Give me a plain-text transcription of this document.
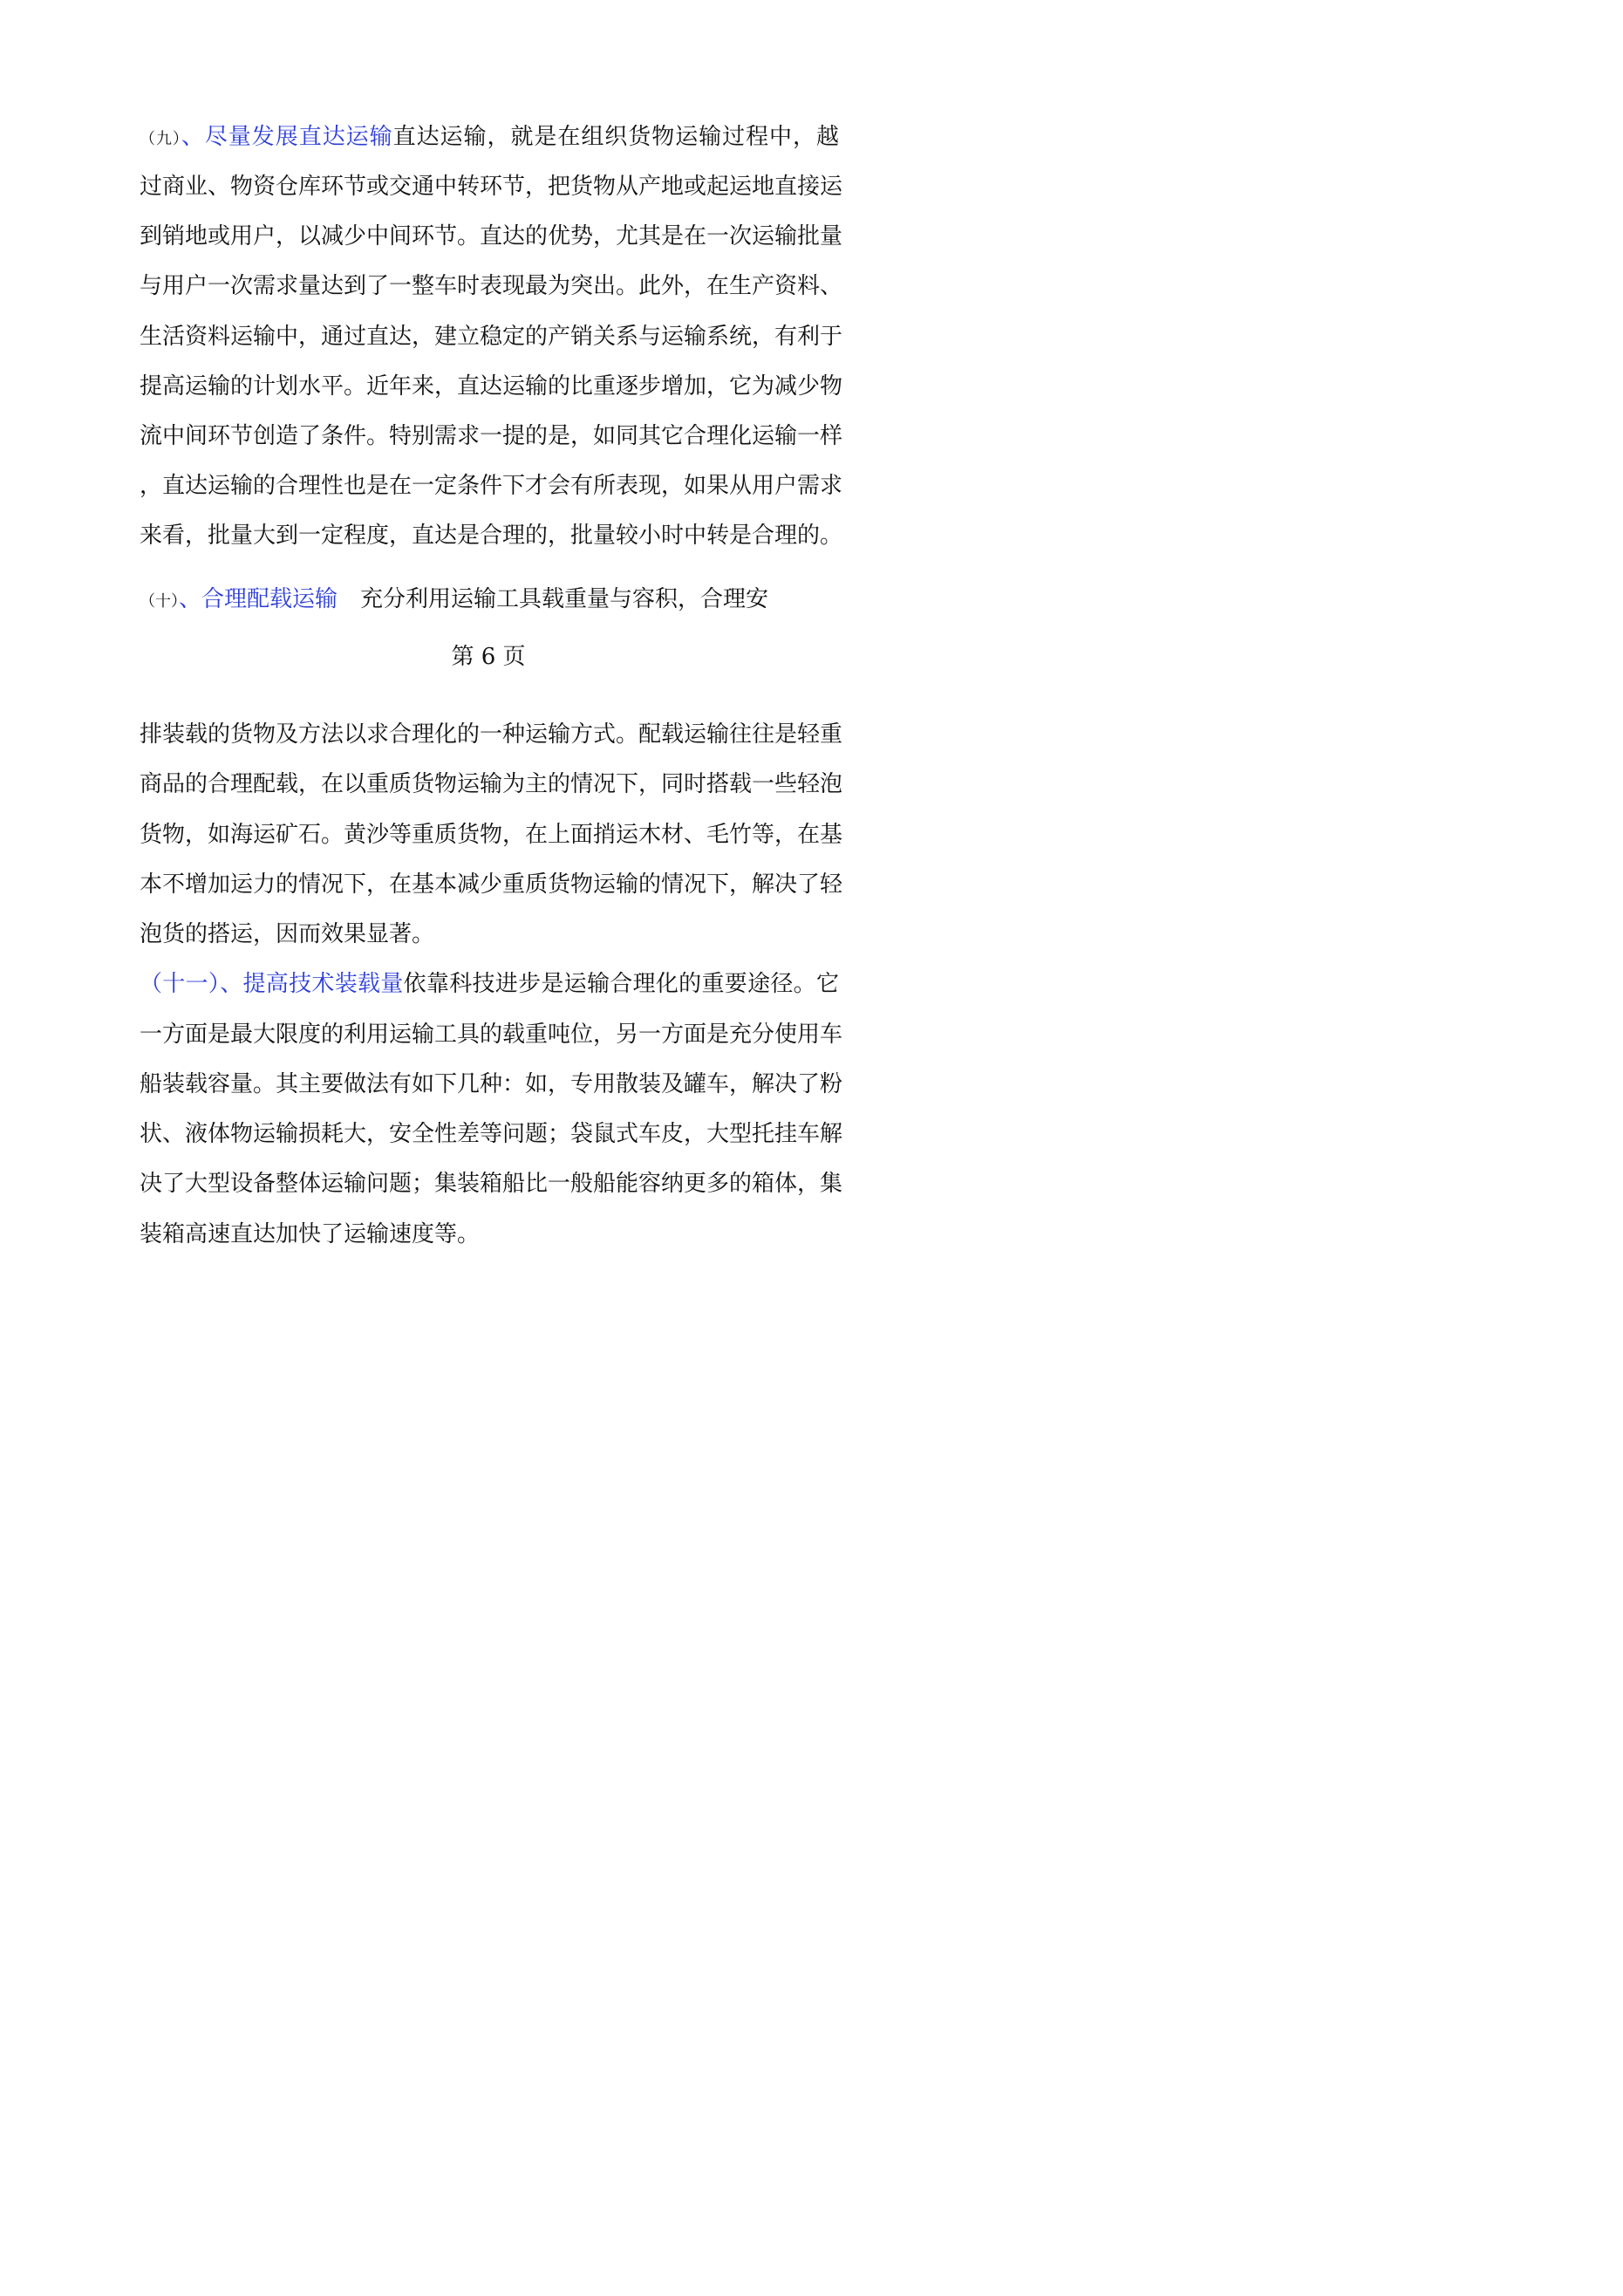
（九）、尽量发展直达运输直达运输，就是在组织货物运输过程中，越
过商业、物资仓库环节或交通中转环节，把货物从产地或起运地直接运
到销地或用户，以减少中间环节。直达的优势，尤其是在一次运输批量
与用户一次需求量达到了一整车时表现最为突出。此外，在生产资料、
生活资料运输中，通过直达，建立稳定的产销关系与运输系统，有利于
提高运输的计划水平。近年来，直达运输的比重逐步增加，它为减少物
流中间环节创造了条件。特别需求一提的是，如同其它合理化运输一样
，直达运输的合理性也是在一定条件下才会有所表现，如果从用户需求
来看，批量大到一定程度，直达是合理的，批量较小时中转是合理的。
（十）、合理配载运输  充分利用运输工具载重量与容积，合理安
第 6 页
排装载的货物及方法以求合理化的一种运输方式。配载运输往往是轻重
商品的合理配载，在以重质货物运输为主的情况下，同时搭载一些轻泡
货物，如海运矿石。黄沙等重质货物，在上面捎运木材、毛竹等，在基
本不增加运力的情况下，在基本减少重质货物运输的情况下，解决了轻
泡货的搭运，因而效果显著。
（十一）、提高技术装载量依靠科技进步是运输合理化的重要途径。它
一方面是最大限度的利用运输工具的载重吨位，另一方面是充分使用车
船装载容量。其主要做法有如下几种：如，专用散装及罐车，解决了粉
状、液体物运输损耗大，安全性差等问题；袋鼠式车皮，大型托挂车解
决了大型设备整体运输问题；集装箱船比一般船能容纳更多的箱体，集
装箱高速直达加快了运输速度等。
